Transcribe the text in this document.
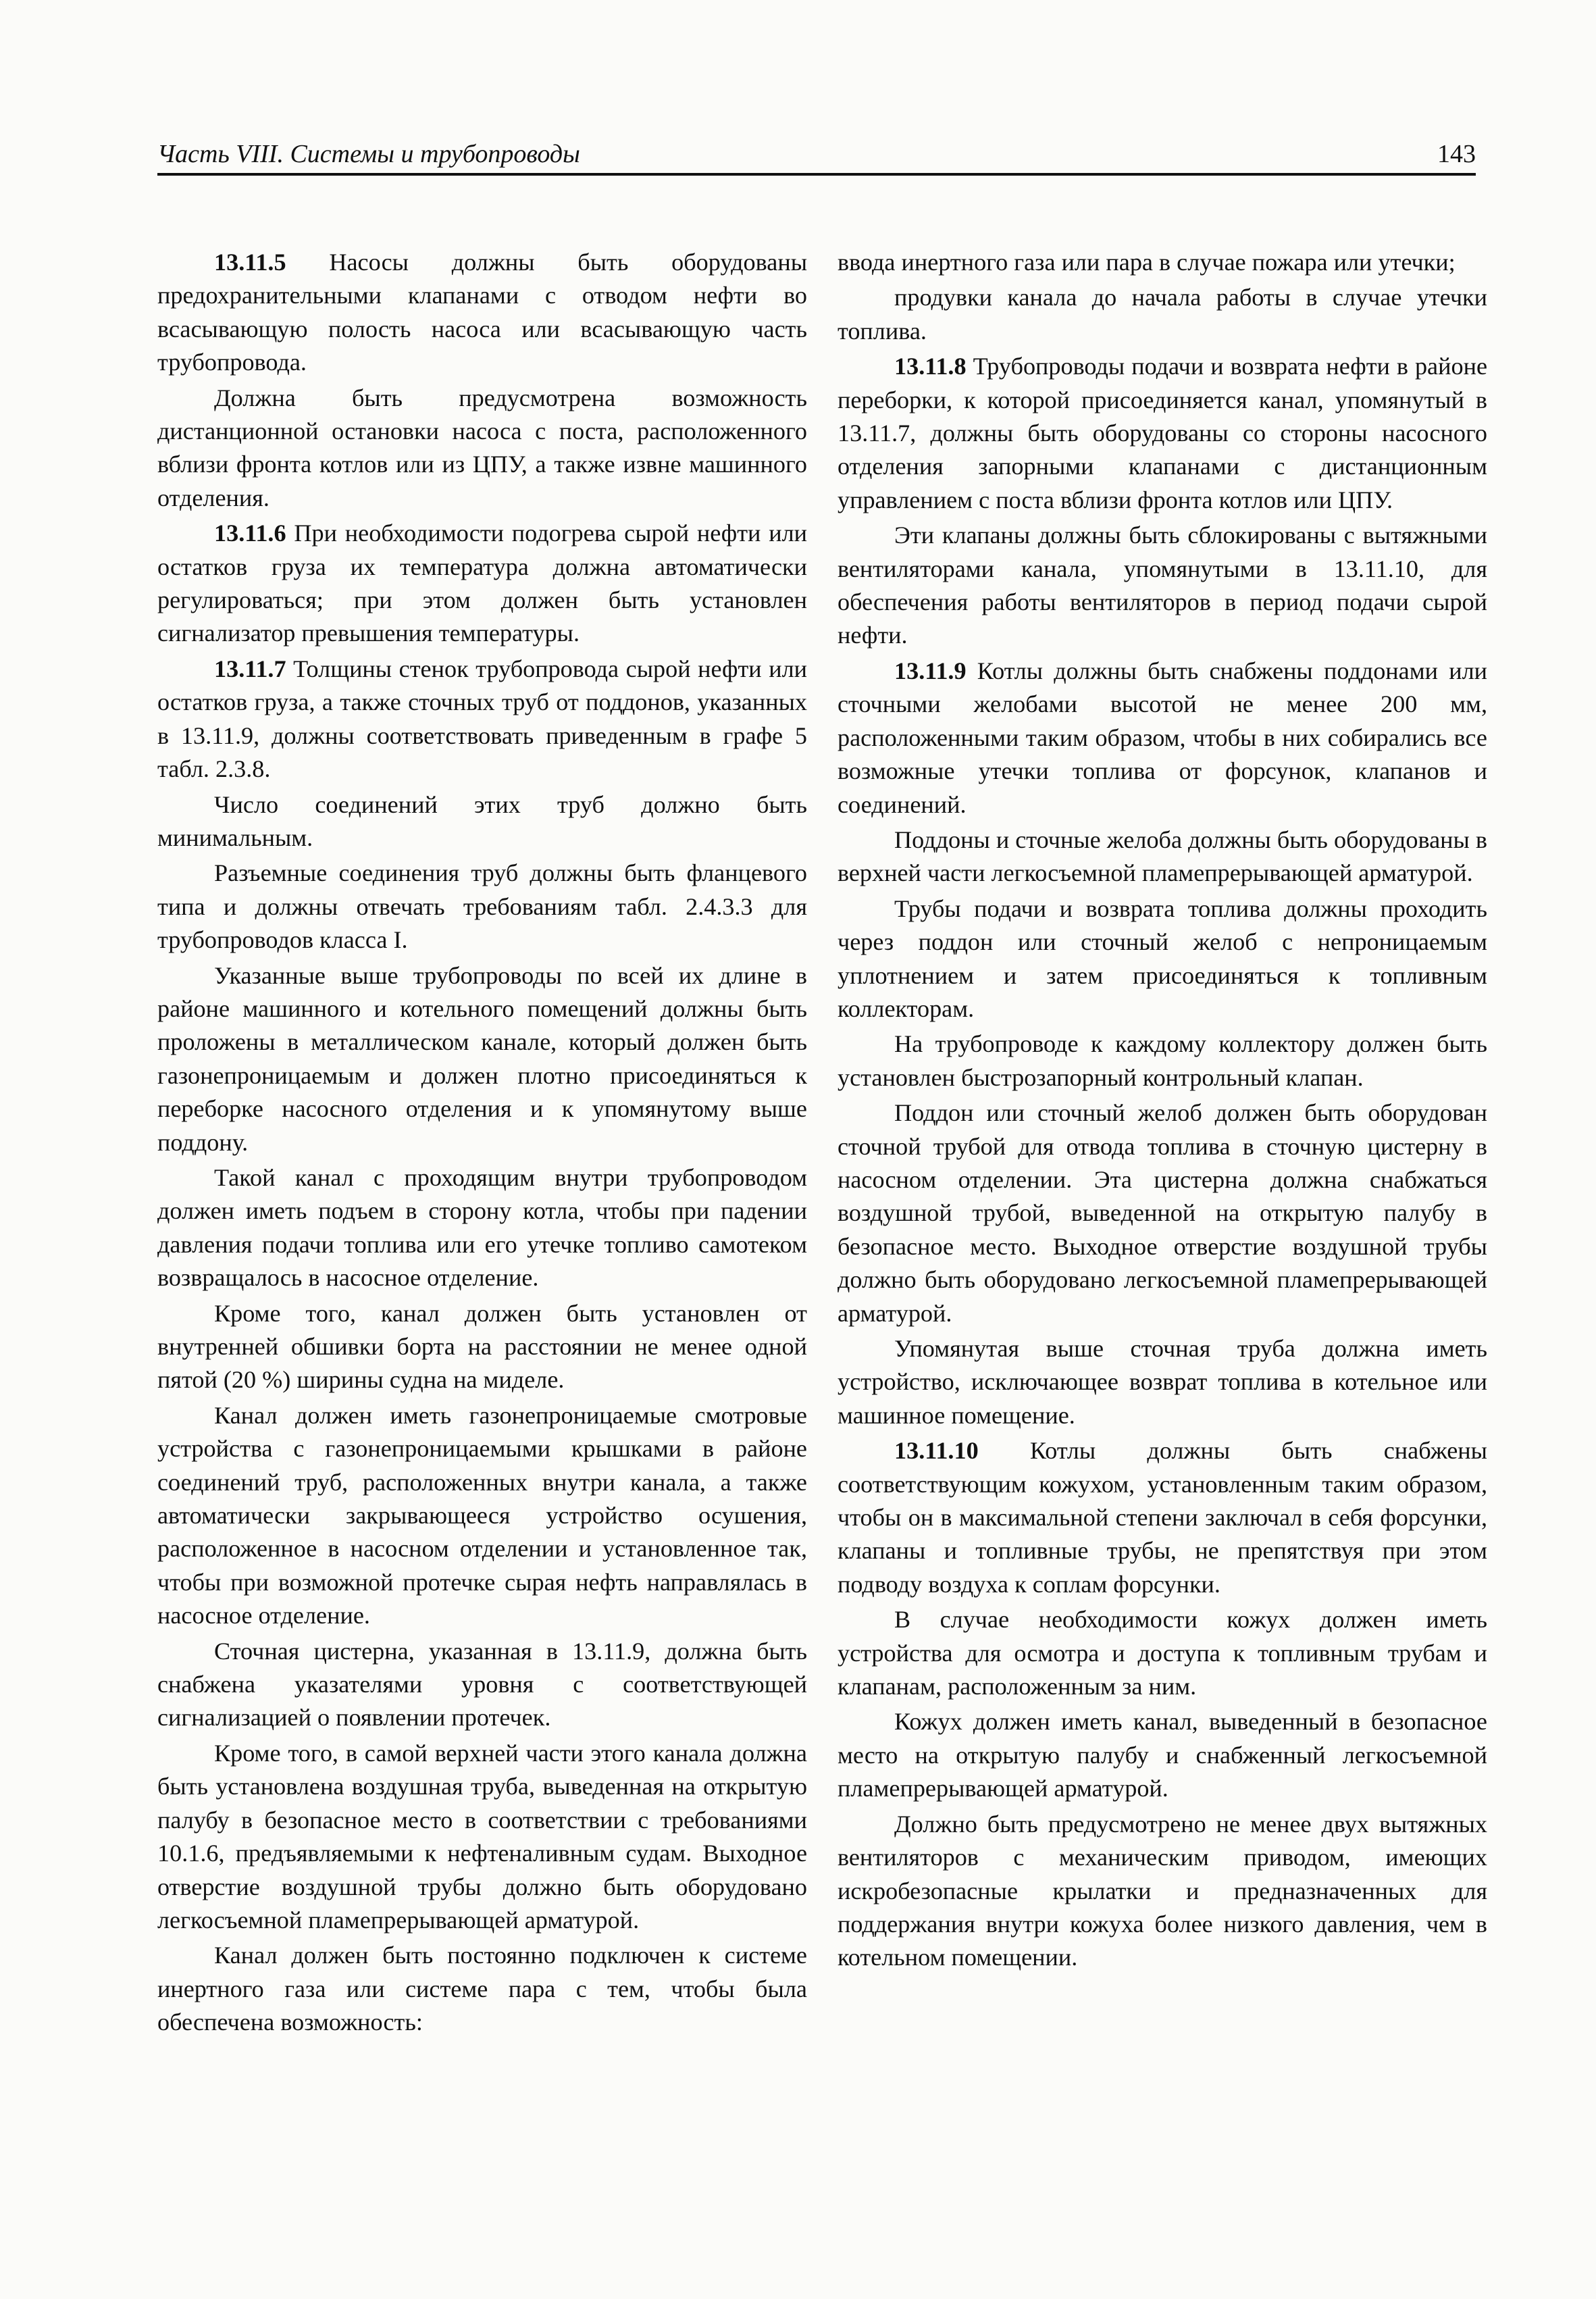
Часть VIII. Системы и трубопроводы	143

13.11.5 Насосы должны быть оборудованы предохранительными клапанами с отводом нефти во всасывающую полость насоса или всасывающую часть трубопровода.

Должна быть предусмотрена возможность дистанционной остановки насоса с поста, расположенного вблизи фронта котлов или из ЦПУ, а также извне машинного отделения.

13.11.6 При необходимости подогрева сырой нефти или остатков груза их температура должна автоматически регулироваться; при этом должен быть установлен сигнализатор превышения температуры.

13.11.7 Толщины стенок трубопровода сырой нефти или остатков груза, а также сточных труб от поддонов, указанных в 13.11.9, должны соответствовать приведенным в графе 5 табл. 2.3.8.

Число соединений этих труб должно быть минимальным.

Разъемные соединения труб должны быть фланцевого типа и должны отвечать требованиям табл. 2.4.3.3 для трубопроводов класса I.

Указанные выше трубопроводы по всей их длине в районе машинного и котельного помещений должны быть проложены в металлическом канале, который должен быть газонепроницаемым и должен плотно присоединяться к переборке насосного отделения и к упомянутому выше поддону.

Такой канал с проходящим внутри трубопроводом должен иметь подъем в сторону котла, чтобы при падении давления подачи топлива или его утечке топливо самотеком возвращалось в насосное отделение.

Кроме того, канал должен быть установлен от внутренней обшивки борта на расстоянии не менее одной пятой (20 %) ширины судна на миделе.

Канал должен иметь газонепроницаемые смотровые устройства с газонепроницаемыми крышками в районе соединений труб, расположенных внутри канала, а также автоматически закрывающееся устройство осушения, расположенное в насосном отделении и установленное так, чтобы при возможной протечке сырая нефть направлялась в насосное отделение.

Сточная цистерна, указанная в 13.11.9, должна быть снабжена указателями уровня с соответствующей сигнализацией о появлении протечек.

Кроме того, в самой верхней части этого канала должна быть установлена воздушная труба, выведенная на открытую палубу в безопасное место в соответствии с требованиями 10.1.6, предъявляемыми к нефтеналивным судам. Выходное отверстие воздушной трубы должно быть оборудовано легкосъемной пламепрерывающей арматурой.

Канал должен быть постоянно подключен к системе инертного газа или системе пара с тем, чтобы была обеспечена возможность:

ввода инертного газа или пара в случае пожара или утечки;

продувки канала до начала работы в случае утечки топлива.

13.11.8 Трубопроводы подачи и возврата нефти в районе переборки, к которой присоединяется канал, упомянутый в 13.11.7, должны быть оборудованы со стороны насосного отделения запорными клапанами с дистанционным управлением с поста вблизи фронта котлов или ЦПУ.

Эти клапаны должны быть сблокированы с вытяжными вентиляторами канала, упомянутыми в 13.11.10, для обеспечения работы вентиляторов в период подачи сырой нефти.

13.11.9 Котлы должны быть снабжены поддонами или сточными желобами высотой не менее 200 мм, расположенными таким образом, чтобы в них собирались все возможные утечки топлива от форсунок, клапанов и соединений.

Поддоны и сточные желоба должны быть оборудованы в верхней части легкосъемной пламепрерывающей арматурой.

Трубы подачи и возврата топлива должны проходить через поддон или сточный желоб с непроницаемым уплотнением и затем присоединяться к топливным коллекторам.

На трубопроводе к каждому коллектору должен быть установлен быстрозапорный контрольный клапан.

Поддон или сточный желоб должен быть оборудован сточной трубой для отвода топлива в сточную цистерну в насосном отделении. Эта цистерна должна снабжаться воздушной трубой, выведенной на открытую палубу в безопасное место. Выходное отверстие воздушной трубы должно быть оборудовано легкосъемной пламепрерывающей арматурой.

Упомянутая выше сточная труба должна иметь устройство, исключающее возврат топлива в котельное или машинное помещение.

13.11.10 Котлы должны быть снабжены соответствующим кожухом, установленным таким образом, чтобы он в максимальной степени заключал в себя форсунки, клапаны и топливные трубы, не препятствуя при этом подводу воздуха к соплам форсунки.

В случае необходимости кожух должен иметь устройства для осмотра и доступа к топливным трубам и клапанам, расположенным за ним.

Кожух должен иметь канал, выведенный в безопасное место на открытую палубу и снабженный легкосъемной пламепрерывающей арматурой.

Должно быть предусмотрено не менее двух вытяжных вентиляторов с механическим приводом, имеющих искробезопасные крылатки и предназначенных для поддержания внутри кожуха более низкого давления, чем в котельном помещении.
